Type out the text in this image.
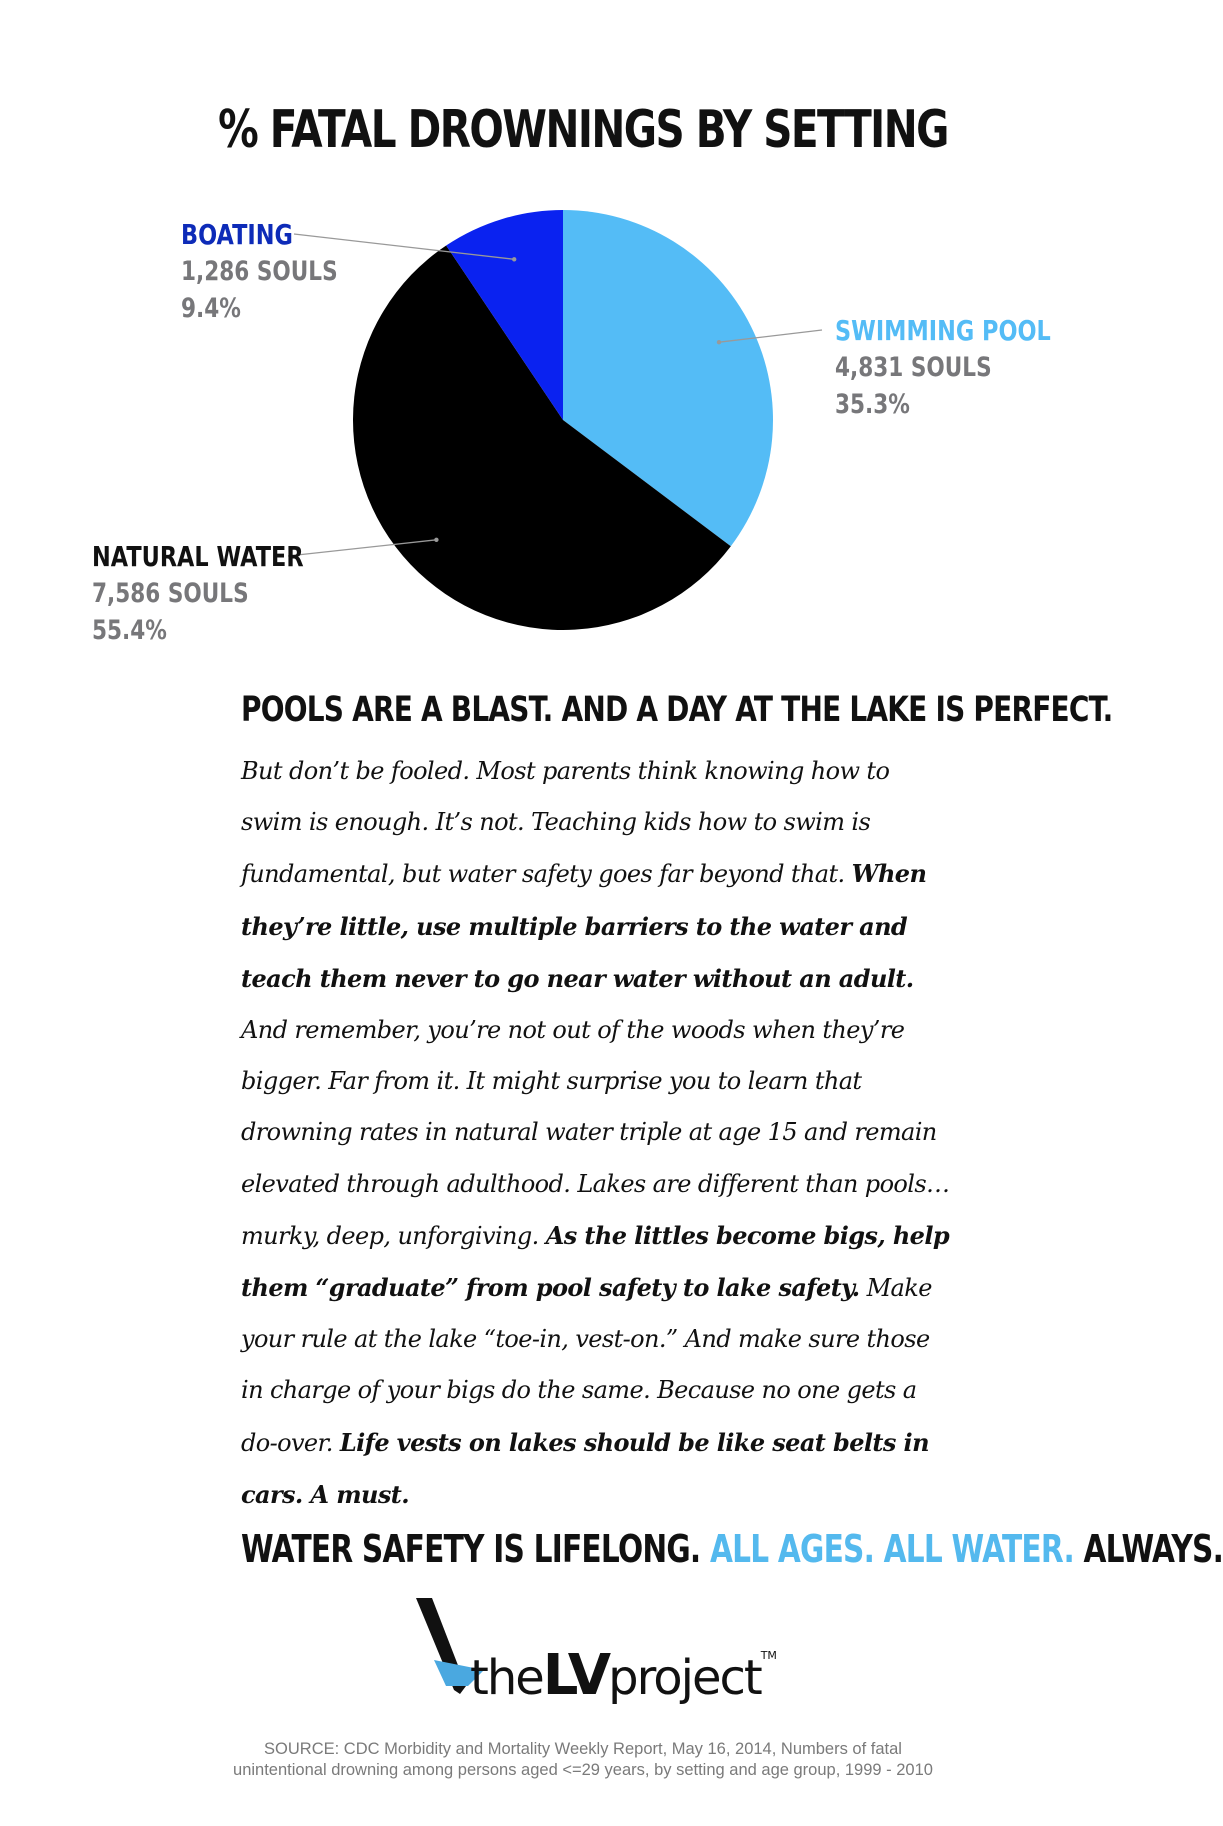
% FATAL DROWNINGS BY SETTING
SWIMMING POOL
4,831 SOULS
35.3%
NATURAL WATER
7,586 SOULS
55.4%
BOATING
1,286 SOULS
9.4%
POOLS ARE A BLAST. AND A DAY AT THE LAKE IS PERFECT.

But don’t be fooled. Most parents think knowing how to swim is enough. It’s not. Teaching kids how to swim is fundamental, but water safety goes far beyond that. When they’re little, use multiple barriers to the water and teach them never to go near water without an adult. And remember, you’re not out of the woods when they’re bigger. Far from it. It might surprise you to learn that drowning rates in natural water triple at age 15 and remain elevated through adulthood. Lakes are different than pools… murky, deep, unforgiving. As the littles become bigs, help them “graduate” from pool safety to lake safety. Make your rule at the lake “toe-in, vest-on.” And make sure those in charge of your bigs do the same. Because no one gets a do-over. Life vests on lakes should be like seat belts in cars. A must.

WATER SAFETY IS LIFELONG. ALL AGES. ALL WATER. ALWAYS.

theLVproject™

SOURCE: CDC Morbidity and Mortality Weekly Report, May 16, 2014, Numbers of fatal
unintentional drowning among persons aged <=29 years, by setting and age group, 1999 - 2010
